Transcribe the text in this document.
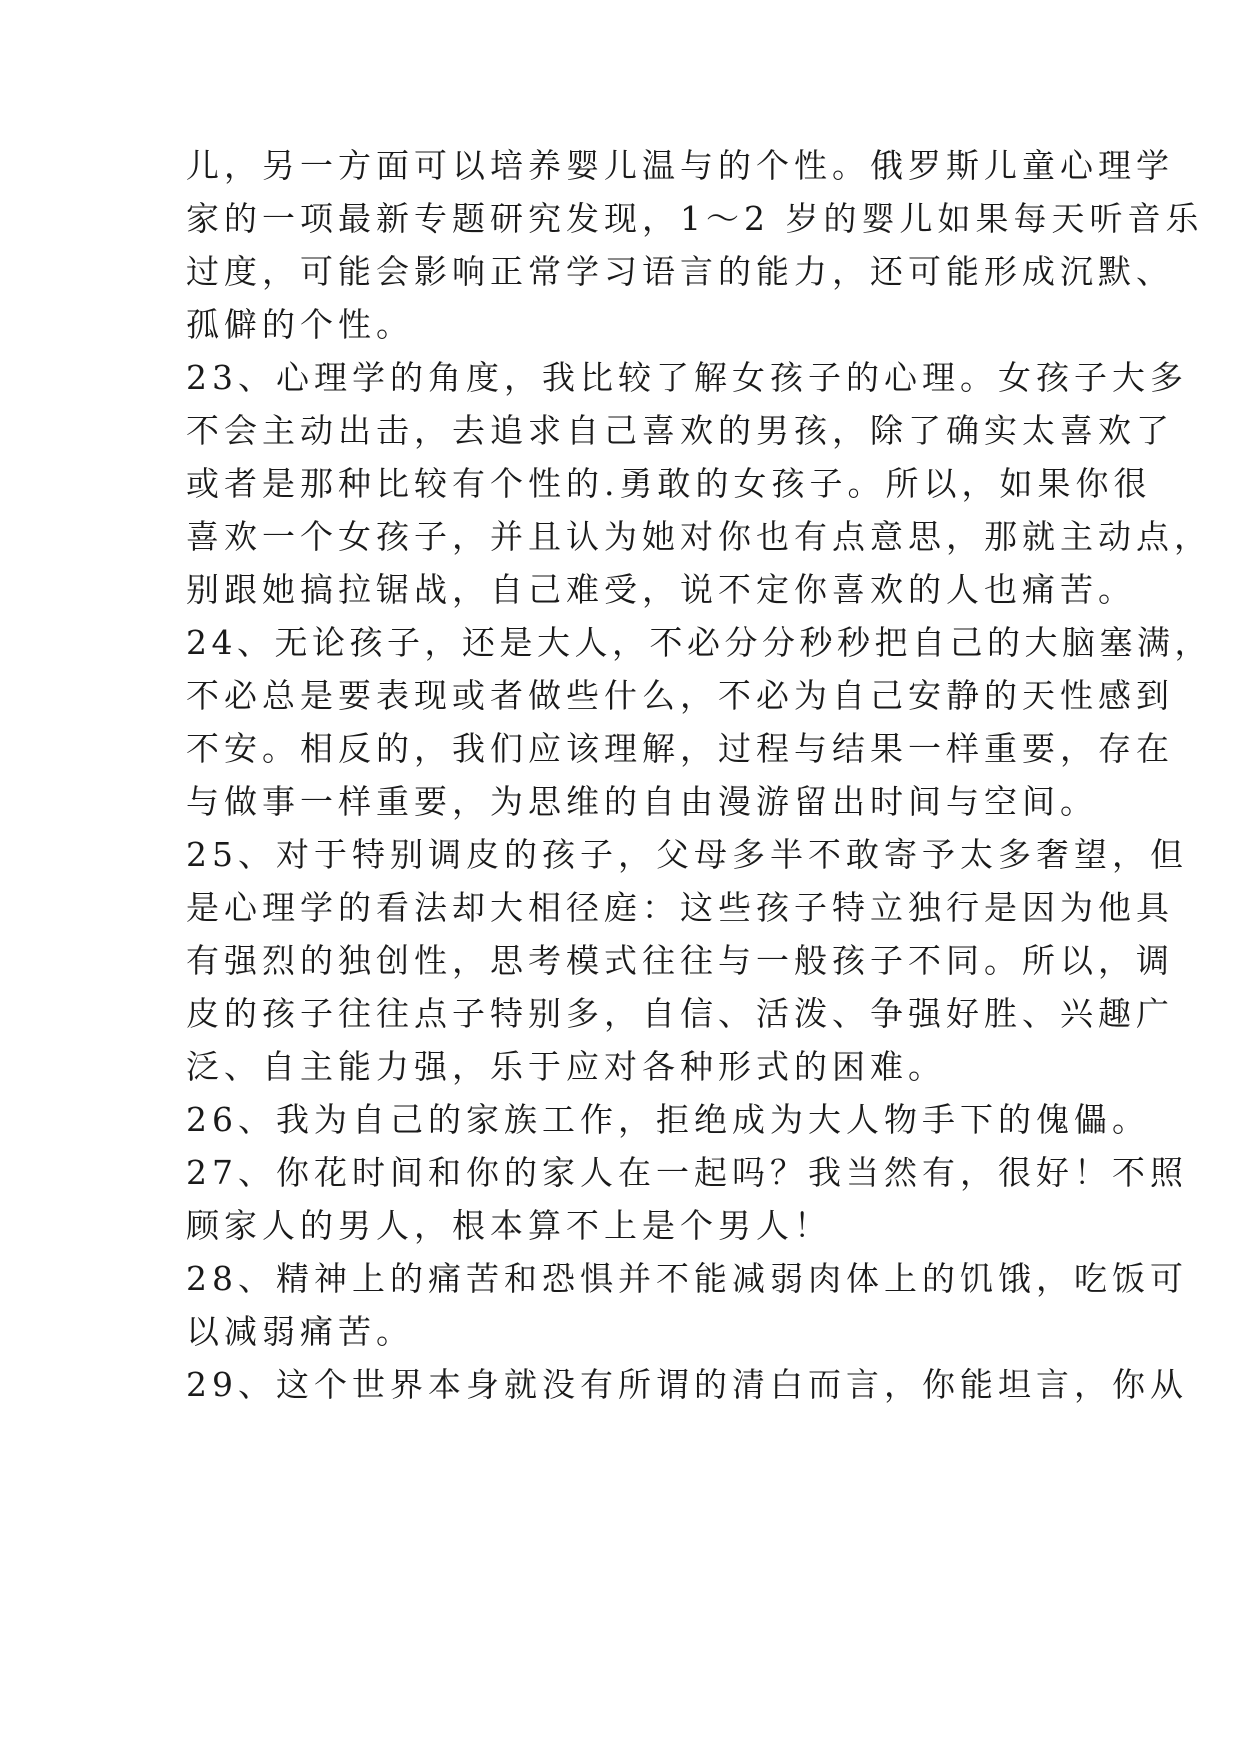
儿，另一方面可以培养婴儿温与的个性。俄罗斯儿童心理学
家的一项最新专题研究发现，1～2 岁的婴儿如果每天听音乐
过度，可能会影响正常学习语言的能力，还可能形成沉默、
孤僻的个性。
23、心理学的角度，我比较了解女孩子的心理。女孩子大多
不会主动出击，去追求自己喜欢的男孩，除了确实太喜欢了
或者是那种比较有个性的.勇敢的女孩子。所以，如果你很
喜欢一个女孩子，并且认为她对你也有点意思，那就主动点，
别跟她搞拉锯战，自己难受，说不定你喜欢的人也痛苦。
24、无论孩子，还是大人，不必分分秒秒把自己的大脑塞满，
不必总是要表现或者做些什么，不必为自己安静的天性感到
不安。相反的，我们应该理解，过程与结果一样重要，存在
与做事一样重要，为思维的自由漫游留出时间与空间。
25、对于特别调皮的孩子，父母多半不敢寄予太多奢望，但
是心理学的看法却大相径庭：这些孩子特立独行是因为他具
有强烈的独创性，思考模式往往与一般孩子不同。所以，调
皮的孩子往往点子特别多，自信、活泼、争强好胜、兴趣广
泛、自主能力强，乐于应对各种形式的困难。
26、我为自己的家族工作，拒绝成为大人物手下的傀儡。
27、你花时间和你的家人在一起吗？我当然有，很好！不照
顾家人的男人，根本算不上是个男人！
28、精神上的痛苦和恐惧并不能减弱肉体上的饥饿，吃饭可
以减弱痛苦。
29、这个世界本身就没有所谓的清白而言，你能坦言，你从
